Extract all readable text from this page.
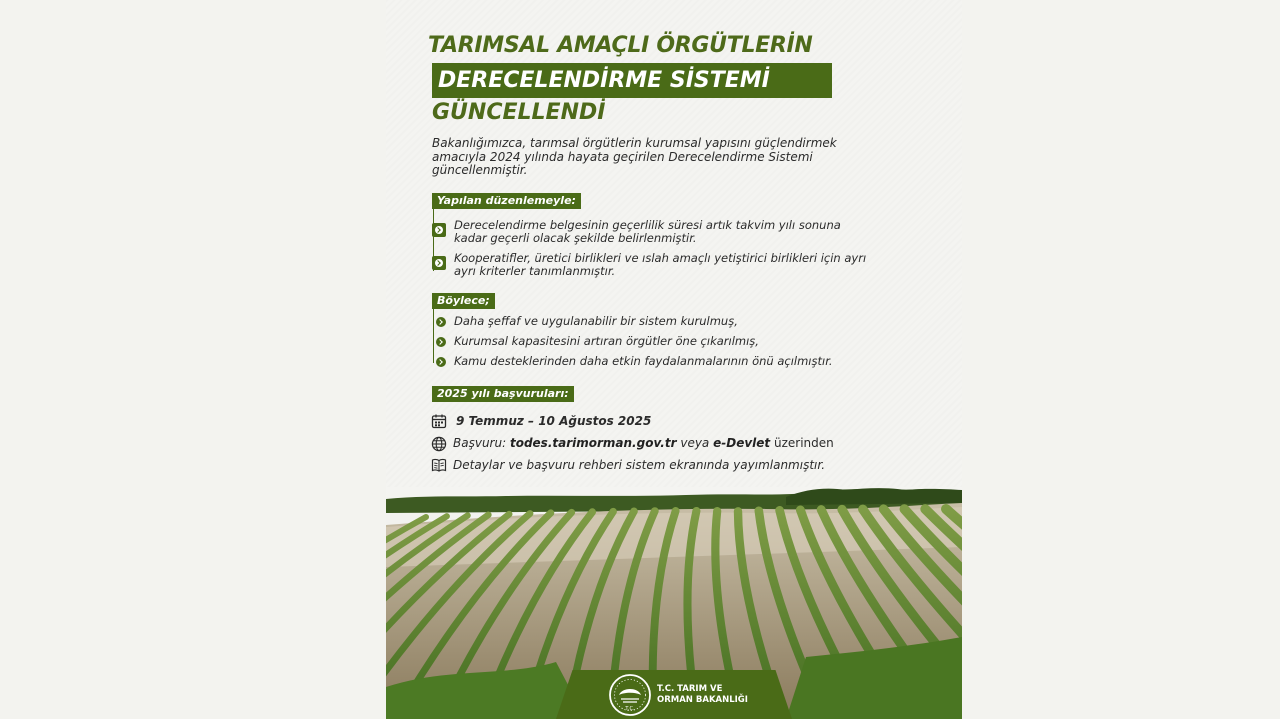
TARIMSAL AMAÇLI ÖRGÜTLERİN
DERECELENDİRME SİSTEMİ
GÜNCELLENDİ
Bakanlığımızca, tarımsal örgütlerin kurumsal yapısını güçlendirmek
amacıyla 2024 yılında hayata geçirilen Derecelendirme Sistemi
güncellenmiştir.
Yapılan düzenlemeyle:
Derecelendirme belgesinin geçerlilik süresi artık takvim yılı sonuna
kadar geçerli olacak şekilde belirlenmiştir.
Kooperatifler, üretici birlikleri ve ıslah amaçlı yetiştirici birlikleri için ayrı
ayrı kriterler tanımlanmıştır.
Böylece;
Daha şeffaf ve uygulanabilir bir sistem kurulmuş,
Kurumsal kapasitesini artıran örgütler öne çıkarılmış,
Kamu desteklerinden daha etkin faydalanmalarının önü açılmıştır.
2025 yılı başvuruları:
9 Temmuz – 10 Ağustos 2025
Başvuru: todes.tarimorman.gov.tr veya e-Devlet üzerinden
Detaylar ve başvuru rehberi sistem ekranında yayımlanmıştır.
T.C.
T.C. TARIM VE
ORMAN BAKANLIĞI
